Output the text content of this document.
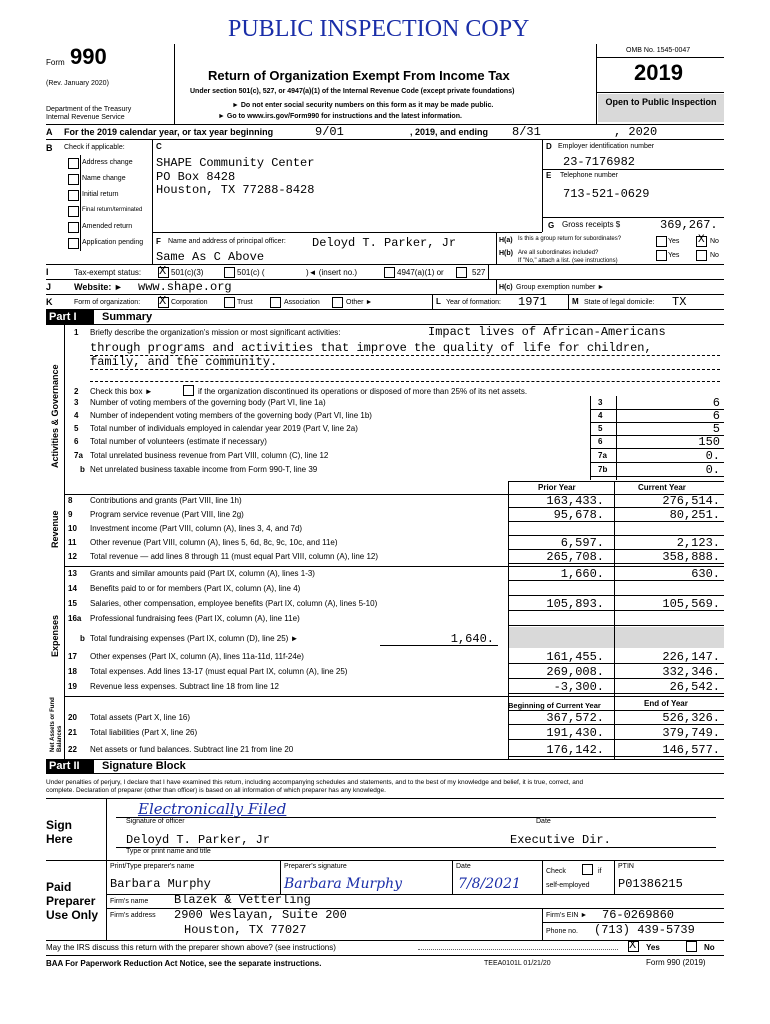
PUBLIC INSPECTION COPY
Form 990
(Rev. January 2020)
Department of the Treasury
Internal Revenue Service
Return of Organization Exempt From Income Tax
Under section 501(c), 527, or 4947(a)(1) of the Internal Revenue Code (except private foundations)
► Do not enter social security numbers on this form as it may be made public.
► Go to www.irs.gov/Form990 for instructions and the latest information.
OMB No. 1545-0047
2019
Open to Public Inspection
A For the 2019 calendar year, or tax year beginning	9/01	, 2019, and ending 8/31	, 2020
B Check if applicable:
Address change
Name change
Initial return
Final return/terminated
Amended return
Application pending
C
SHAPE Community Center
PO Box 8428
Houston, TX 77288-8428
D Employer identification number
23-7176982
E Telephone number
713-521-0629
G Gross receipts $	369,267.
F Name and address of principal officer: Deloyd T. Parker, Jr
Same As C Above
H(a) Is this a group return for subordinates?	Yes X No
H(b) Are all subordinates included?	Yes	No
If "No," attach a list. (see instructions)
I	Tax-exempt status: X 501(c)(3)	501(c) (	)◄ (insert no.)	4947(a)(1) or	527
J	Website: ► www.shape.org	H(c) Group exemption number ►
K	Form of organization: X Corporation	Trust	Association	Other ►	L Year of formation: 1971	M State of legal domicile: TX
Part I	Summary
Activities & Governance
Revenue
Expenses
Net Assets or Fund Balances
1 Briefly describe the organization's mission or most significant activities:	Impact lives of African-Americans
through programs and activities that improve the quality of life for children,
family, and the community.
2 Check this box ►	if the organization discontinued its operations or disposed of more than 25% of its net assets.
3 Number of voting members of the governing body (Part VI, line 1a)	3	6
4 Number of independent voting members of the governing body (Part VI, line 1b)	4	6
5 Total number of individuals employed in calendar year 2019 (Part V, line 2a)	5	5
6 Total number of volunteers (estimate if necessary)	6	150
7a Total unrelated business revenue from Part VIII, column (C), line 12	7a	0.
b Net unrelated business taxable income from Form 990-T, line 39	7b	0.
Prior Year	Current Year
8 Contributions and grants (Part VIII, line 1h)	163,433.	276,514.
9 Program service revenue (Part VIII, line 2g)	95,678.	80,251.
10 Investment income (Part VIII, column (A), lines 3, 4, and 7d)
11 Other revenue (Part VIII, column (A), lines 5, 6d, 8c, 9c, 10c, and 11e)	6,597.	2,123.
12 Total revenue — add lines 8 through 11 (must equal Part VIII, column (A), line 12)	265,708.	358,888.
13 Grants and similar amounts paid (Part IX, column (A), lines 1-3)	1,660.	630.
14 Benefits paid to or for members (Part IX, column (A), line 4)
15 Salaries, other compensation, employee benefits (Part IX, column (A), lines 5-10)	105,893.	105,569.
16a Professional fundraising fees (Part IX, column (A), line 11e)
b Total fundraising expenses (Part IX, column (D), line 25) ►	1,640.
17 Other expenses (Part IX, column (A), lines 11a-11d, 11f-24e)	161,455.	226,147.
18 Total expenses. Add lines 13-17 (must equal Part IX, column (A), line 25)	269,008.	332,346.
19 Revenue less expenses. Subtract line 18 from line 12	-3,300.	26,542.
Beginning of Current Year	End of Year
20 Total assets (Part X, line 16)	367,572.	526,326.
21 Total liabilities (Part X, line 26)	191,430.	379,749.
22 Net assets or fund balances. Subtract line 21 from line 20	176,142.	146,577.
Part II	Signature Block
Under penalties of perjury, I declare that I have examined this return, including accompanying schedules and statements, and to the best of my knowledge and belief, it is true, correct, and
complete. Declaration of preparer (other than officer) is based on all information of which preparer has any knowledge.
Sign
Here
Electronically Filed
Signature of officer	Date
Deloyd T. Parker, Jr	Executive Dir.
Type or print name and title
Paid
Preparer
Use Only
Print/Type preparer's name	Preparer's signature	Date
Check	if
self-employed
PTIN
Barbara Murphy	Barbara Murphy	7/8/2021	P01386215
Firm's name Blazek & Vetterling
Firm's address 2900 Weslayan, Suite 200
Houston, TX 77027
Firm's EIN ► 76-0269860
Phone no. (713) 439-5739
May the IRS discuss this return with the preparer shown above? (see instructions)	X Yes	No
BAA For Paperwork Reduction Act Notice, see the separate instructions.	TEEA0101L 01/21/20	Form 990 (2019)
